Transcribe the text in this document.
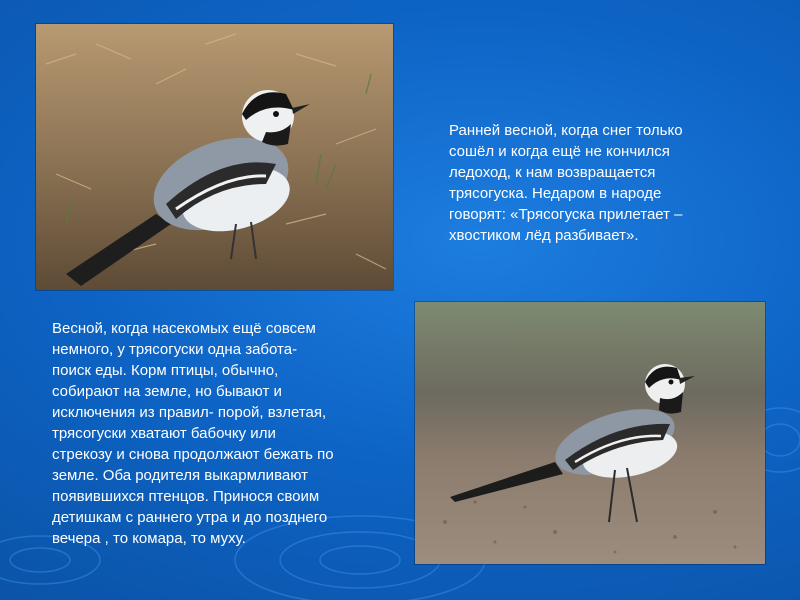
Ранней весной, когда снег только
сошёл и когда ещё не кончился
ледоход, к нам возвращается
трясогуска. Недаром в народе
говорят: «Трясогуска прилетает –
хвостиком лёд разбивает».
Весной, когда насекомых ещё совсем
немного, у трясогуски одна забота-
поиск еды. Корм птицы, обычно,
собирают на земле, но бывают и
исключения из правил- порой, взлетая,
трясогуски хватают бабочку или
стрекозу и снова продолжают бежать по
земле. Оба родителя выкармливают
появившихся птенцов. Принося своим
детишкам с раннего утра и до позднего
вечера , то комара, то муху.
